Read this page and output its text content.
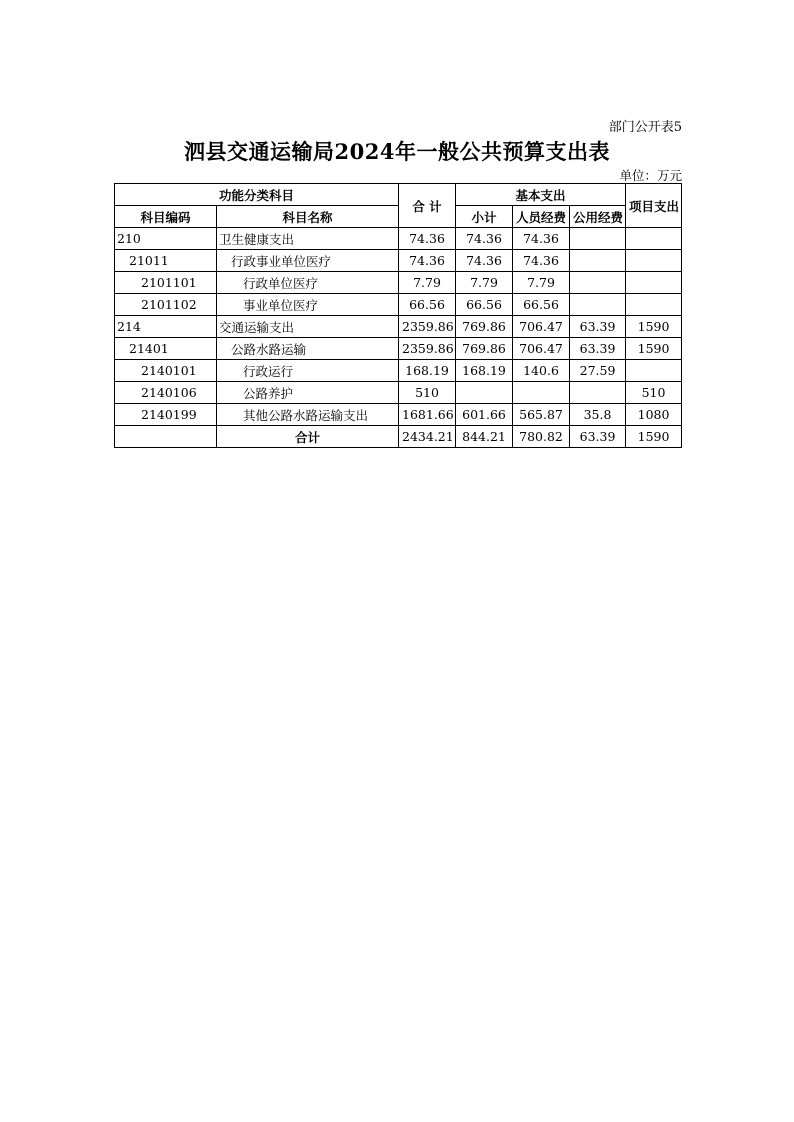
部门公开表5
泗县交通运输局2024年一般公共预算支出表
单位：万元
功能分类科目		合 计	基本支出			项目支出
科目编码	科目名称		小计	人员经费	公用经费	
210	卫生健康支出	74.36	74.36	74.36		
21011	行政事业单位医疗	74.36	74.36	74.36		
2101101	行政单位医疗	7.79	7.79	7.79		
2101102	事业单位医疗	66.56	66.56	66.56		
214	交通运输支出	2359.86	769.86	706.47	63.39	1590
21401	公路水路运输	2359.86	769.86	706.47	63.39	1590
2140101	行政运行	168.19	168.19	140.6	27.59	
2140106	公路养护	510				510
2140199	其他公路水路运输支出	1681.66	601.66	565.87	35.8	1080
	合计	2434.21	844.21	780.82	63.39	1590
